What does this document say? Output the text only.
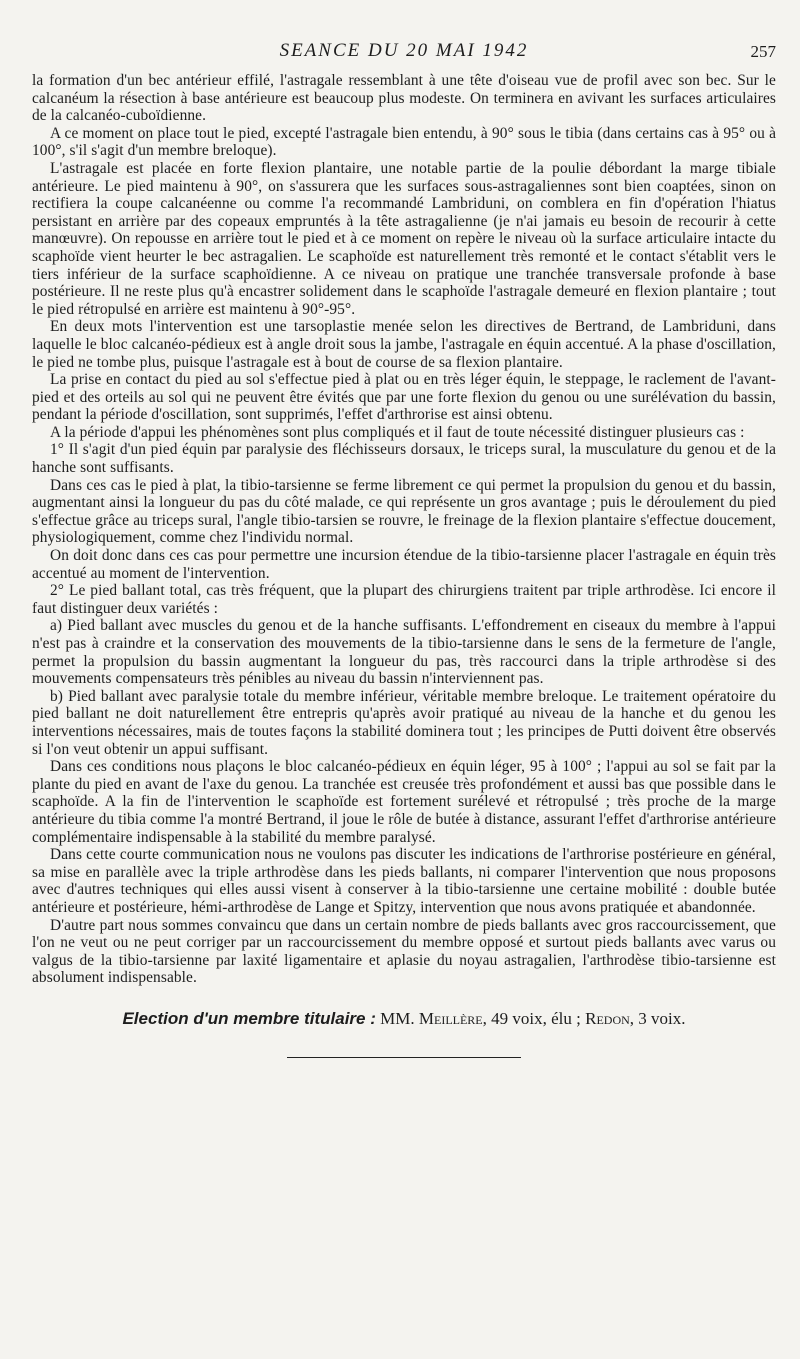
SEANCE DU 20 MAI 1942	257

la formation d'un bec antérieur effilé, l'astragale ressemblant à une tête d'oiseau vue de profil avec son bec. Sur le calcanéum la résection à base antérieure est beaucoup plus modeste. On terminera en avivant les surfaces articulaires de la calcanéo-cuboïdienne.

A ce moment on place tout le pied, excepté l'astragale bien entendu, à 90° sous le tibia (dans certains cas à 95° ou à 100°, s'il s'agit d'un membre breloque).

L'astragale est placée en forte flexion plantaire, une notable partie de la poulie débordant la marge tibiale antérieure. Le pied maintenu à 90°, on s'assurera que les surfaces sous-astragaliennes sont bien coaptées, sinon on rectifiera la coupe calcanéenne ou comme l'a recommandé Lambriduni, on comblera en fin d'opération l'hiatus persistant en arrière par des copeaux empruntés à la tête astragalienne (je n'ai jamais eu besoin de recourir à cette manœuvre). On repousse en arrière tout le pied et à ce moment on repère le niveau où la surface articulaire intacte du scaphoïde vient heurter le bec astragalien. Le scaphoïde est naturellement très remonté et le contact s'établit vers le tiers inférieur de la surface scaphoïdienne. A ce niveau on pratique une tranchée transversale profonde à base postérieure. Il ne reste plus qu'à encastrer solidement dans le scaphoïde l'astragale demeuré en flexion plantaire ; tout le pied rétropulsé en arrière est maintenu à 90°-95°.

En deux mots l'intervention est une tarsoplastie menée selon les directives de Bertrand, de Lambriduni, dans laquelle le bloc calcanéo-pédieux est à angle droit sous la jambe, l'astragale en équin accentué. A la phase d'oscillation, le pied ne tombe plus, puisque l'astragale est à bout de course de sa flexion plantaire.

La prise en contact du pied au sol s'effectue pied à plat ou en très léger équin, le steppage, le raclement de l'avant-pied et des orteils au sol qui ne peuvent être évités que par une forte flexion du genou ou une surélévation du bassin, pendant la période d'oscillation, sont supprimés, l'effet d'arthrorise est ainsi obtenu.

A la période d'appui les phénomènes sont plus compliqués et il faut de toute nécessité distinguer plusieurs cas :

1° Il s'agit d'un pied équin par paralysie des fléchisseurs dorsaux, le triceps sural, la musculature du genou et de la hanche sont suffisants.

Dans ces cas le pied à plat, la tibio-tarsienne se ferme librement ce qui permet la propulsion du genou et du bassin, augmentant ainsi la longueur du pas du côté malade, ce qui représente un gros avantage ; puis le déroulement du pied s'effectue grâce au triceps sural, l'angle tibio-tarsien se rouvre, le freinage de la flexion plantaire s'effectue doucement, physiologiquement, comme chez l'individu normal.

On doit donc dans ces cas pour permettre une incursion étendue de la tibio-tarsienne placer l'astragale en équin très accentué au moment de l'intervention.

2° Le pied ballant total, cas très fréquent, que la plupart des chirurgiens traitent par triple arthrodèse. Ici encore il faut distinguer deux variétés :

a) Pied ballant avec muscles du genou et de la hanche suffisants. L'effondrement en ciseaux du membre à l'appui n'est pas à craindre et la conservation des mouvements de la tibio-tarsienne dans le sens de la fermeture de l'angle, permet la propulsion du bassin augmentant la longueur du pas, très raccourci dans la triple arthrodèse si des mouvements compensateurs très pénibles au niveau du bassin n'interviennent pas.

b) Pied ballant avec paralysie totale du membre inférieur, véritable membre breloque. Le traitement opératoire du pied ballant ne doit naturellement être entrepris qu'après avoir pratiqué au niveau de la hanche et du genou les interventions nécessaires, mais de toutes façons la stabilité dominera tout ; les principes de Putti doivent être observés si l'on veut obtenir un appui suffisant.

Dans ces conditions nous plaçons le bloc calcanéo-pédieux en équin léger, 95 à 100° ; l'appui au sol se fait par la plante du pied en avant de l'axe du genou. La tranchée est creusée très profondément et aussi bas que possible dans le scaphoïde. A la fin de l'intervention le scaphoïde est fortement surélevé et rétropulsé ; très proche de la marge antérieure du tibia comme l'a montré Bertrand, il joue le rôle de butée à distance, assurant l'effet d'arthrorise antérieure complémentaire indispensable à la stabilité du membre paralysé.

Dans cette courte communication nous ne voulons pas discuter les indications de l'arthrorise postérieure en général, sa mise en parallèle avec la triple arthrodèse dans les pieds ballants, ni comparer l'intervention que nous proposons avec d'autres techniques qui elles aussi visent à conserver à la tibio-tarsienne une certaine mobilité : double butée antérieure et postérieure, hémi-arthrodèse de Lange et Spitzy, intervention que nous avons pratiquée et abandonnée.

D'autre part nous sommes convaincu que dans un certain nombre de pieds ballants avec gros raccourcissement, que l'on ne veut ou ne peut corriger par un raccourcissement du membre opposé et surtout pieds ballants avec varus ou valgus de la tibio-tarsienne par laxité ligamentaire et aplasie du noyau astragalien, l'arthrodèse tibio-tarsienne est absolument indispensable.

Election d'un membre titulaire : MM. Meillère, 49 voix, élu ; Redon, 3 voix.
